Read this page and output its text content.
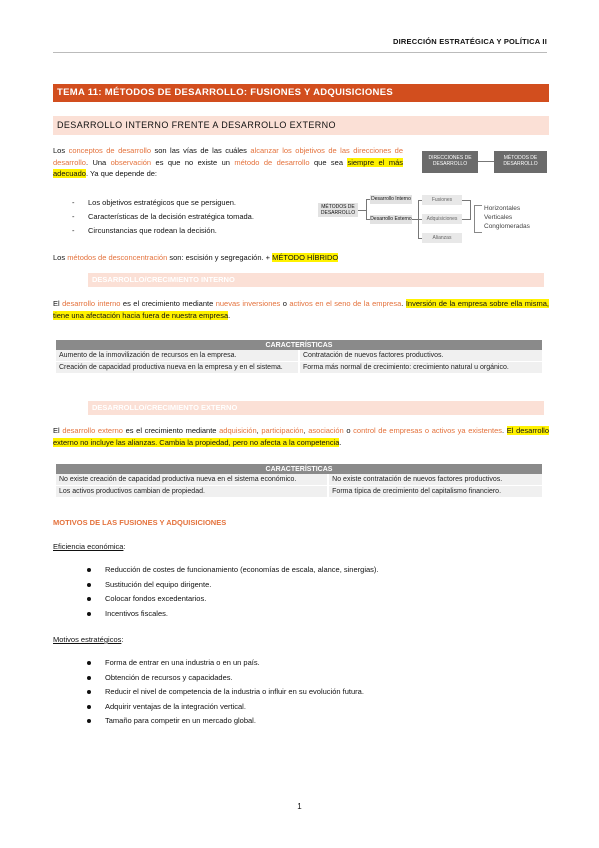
DIRECCIÓN ESTRATÉGICA Y POLÍTICA II
TEMA 11: MÉTODOS DE DESARROLLO: FUSIONES Y ADQUISICIONES
DESARROLLO INTERNO FRENTE A DESARROLLO EXTERNO
Los conceptos de desarrollo son las vías de las cuáles alcanzar los objetivos de las direcciones de desarrollo. Una observación es que no existe un método de desarrollo que sea siempre el más adecuado. Ya que depende de:
- Los objetivos estratégicos que se persiguen.
- Características de la decisión estratégica tomada.
- Circunstancias que rodean la decisión.
DIRECCIONES DE DESARROLLO
MÉTODOS DE DESARROLLO
MÉTODOS DE DESARROLLO
Desarrollo Interno
Desarrollo Externo
Fusiones
Adquisiciones
Alianzas
Horizontales
Verticales
Conglomeradas
Los métodos de desconcentración son: escisión y segregación. + MÉTODO HÍBRIDO
DESARROLLO/CRECIMIENTO INTERNO
El desarrollo interno es el crecimiento mediante nuevas inversiones o activos en el seno de la empresa. Inversión de la empresa sobre ella misma, tiene una afectación hacia fuera de nuestra empresa.
CARACTERÍSTICAS	
Aumento de la inmovilización de recursos en la empresa.	Contratación de nuevos factores productivos.
Creación de capacidad productiva nueva en la empresa y en el sistema.	Forma más normal de crecimiento: crecimiento natural u orgánico.
DESARROLLO/CRECIMIENTO EXTERNO
El desarrollo externo es el crecimiento mediante adquisición, participación, asociación o control de empresas o activos ya existentes. El desarrollo externo no incluye las alianzas. Cambia la propiedad, pero no afecta a la competencia.
CARACTERÍSTICAS	
No existe creación de capacidad productiva nueva en el sistema económico.	No existe contratación de nuevos factores productivos.
Los activos productivos cambian de propiedad.	Forma típica de crecimiento del capitalismo financiero.
MOTIVOS DE LAS FUSIONES Y ADQUISICIONES
Eficiencia económica:
Reducción de costes de funcionamiento (economías de escala, alance, sinergias).
Sustitución del equipo dirigente.
Colocar fondos excedentarios.
Incentivos fiscales.
Motivos estratégicos:
Forma de entrar en una industria o en un país.
Obtención de recursos y capacidades.
Reducir el nivel de competencia de la industria o influir en su evolución futura.
Adquirir ventajas de la integración vertical.
Tamaño para competir en un mercado global.
1
